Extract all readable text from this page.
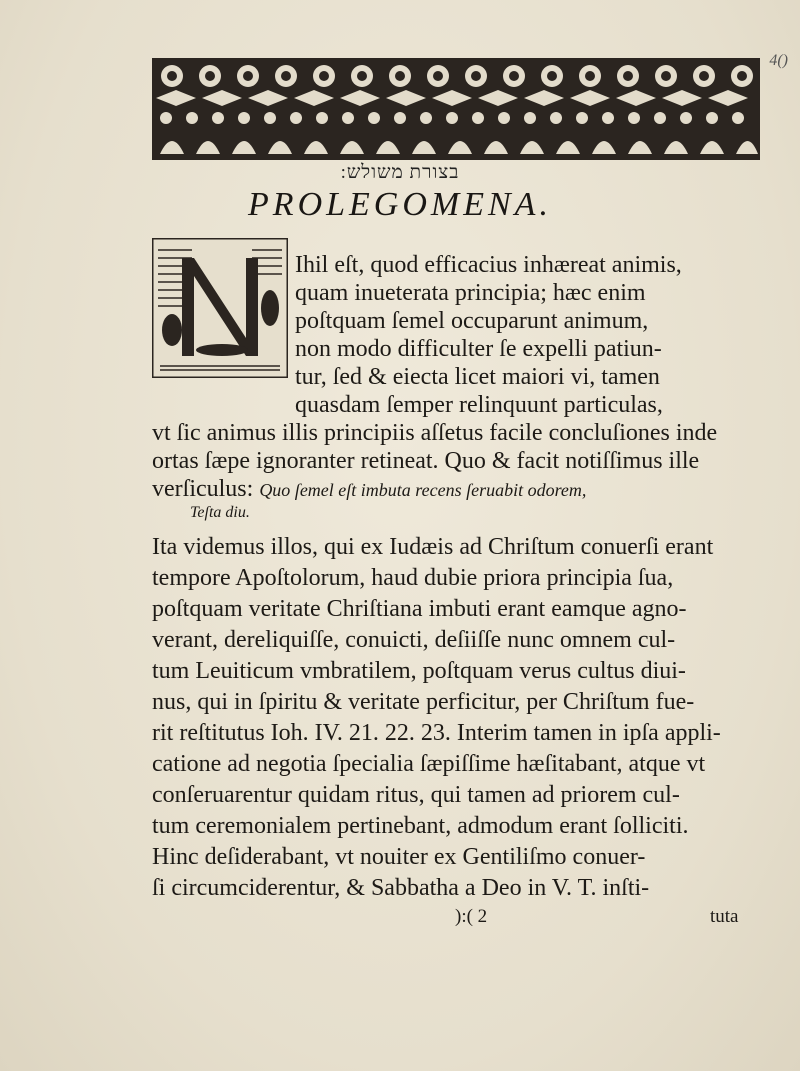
4()
בצורת משולש:
PROLEGOMENA.
Ihil eſt, quod efficacius inhæreat animis,
quam inueterata principia; hæc enim
poſtquam ſemel occuparunt animum,
non modo difficulter ſe expelli patiun-
tur, ſed & eiecta licet maiori vi, tamen
quasdam ſemper relinquunt particulas,
vt ſic animus illis principiis aſſetus facile concluſiones inde
ortas ſæpe ignoranter retineat. Quo & facit notiſſimus ille
verſiculus: Quo ſemel eſt imbuta recens ſeruabit odorem,
Teſta diu.
Ita videmus illos, qui ex Iudæis ad Chriſtum conuerſi erant
tempore Apoſtolorum, haud dubie priora principia ſua,
poſtquam veritate Chriſtiana imbuti erant eamque agno-
verant, dereliquiſſe, conuicti, deſiiſſe nunc omnem cul-
tum Leuiticum vmbratilem, poſtquam verus cultus diui-
nus, qui in ſpiritu & veritate perficitur, per Chriſtum fue-
rit reſtitutus Ioh. IV. 21. 22. 23. Interim tamen in ipſa appli-
catione ad negotia ſpecialia ſæpiſſime hæſitabant, atque vt
conſeruarentur quidam ritus, qui tamen ad priorem cul-
tum ceremonialem pertinebant, admodum erant ſolliciti.
Hinc deſiderabant, vt nouiter ex Gentiliſmo conuer-
ſi circumciderentur, & Sabbatha a Deo in V. T. inſti-
):( 2	tuta
